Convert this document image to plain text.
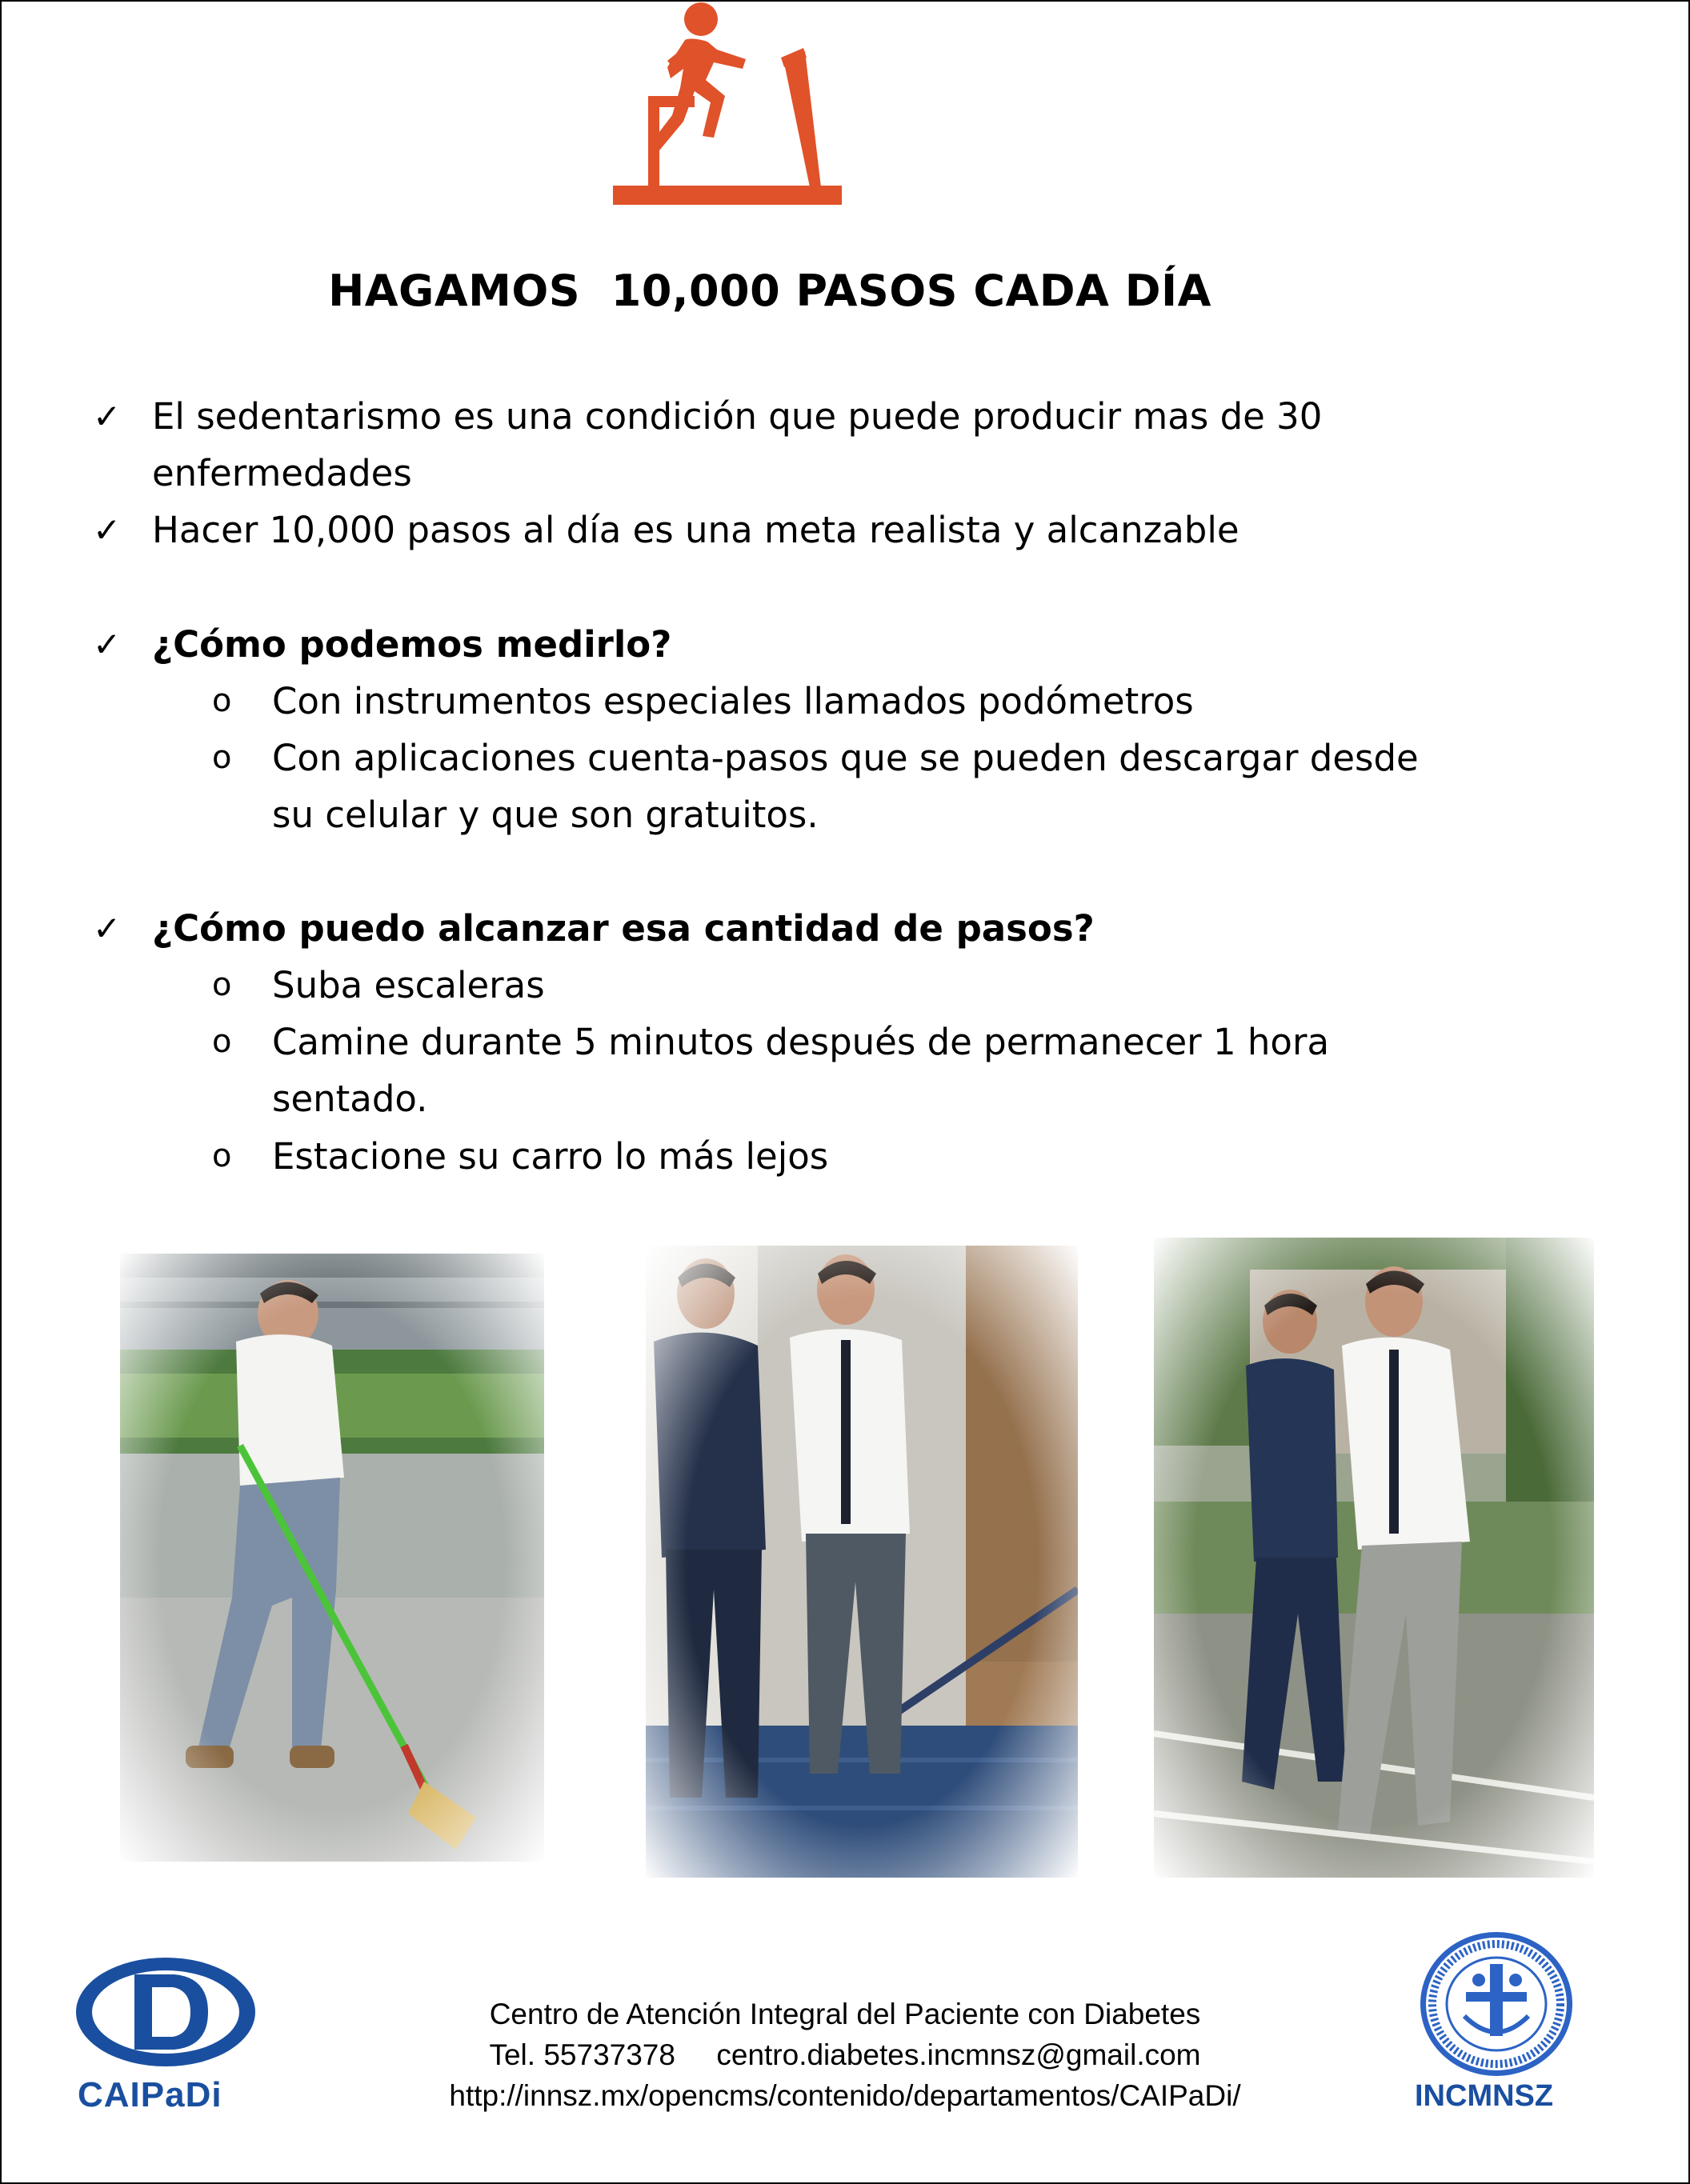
HAGAMOS  10,000 PASOS CADA DÍA
✓ El sedentarismo es una condición que puede producir mas de 30
enfermedades
✓ Hacer 10,000 pasos al día es una meta realista y alcanzable
✓ ¿Cómo podemos medirlo?
o Con instrumentos especiales llamados podómetros
o Con aplicaciones cuenta-pasos que se pueden descargar desde
su celular y que son gratuitos.
✓ ¿Cómo puedo alcanzar esa cantidad de pasos?
o Suba escaleras
o Camine durante 5 minutos después de permanecer 1 hora
sentado.
o Estacione su carro lo más lejos
CAIPaDi	INCMNSZ
Centro de Atención Integral del Paciente con Diabetes
Tel. 55737378     centro.diabetes.incmnsz@gmail.com
http://innsz.mx/opencms/contenido/departamentos/CAIPaDi/
